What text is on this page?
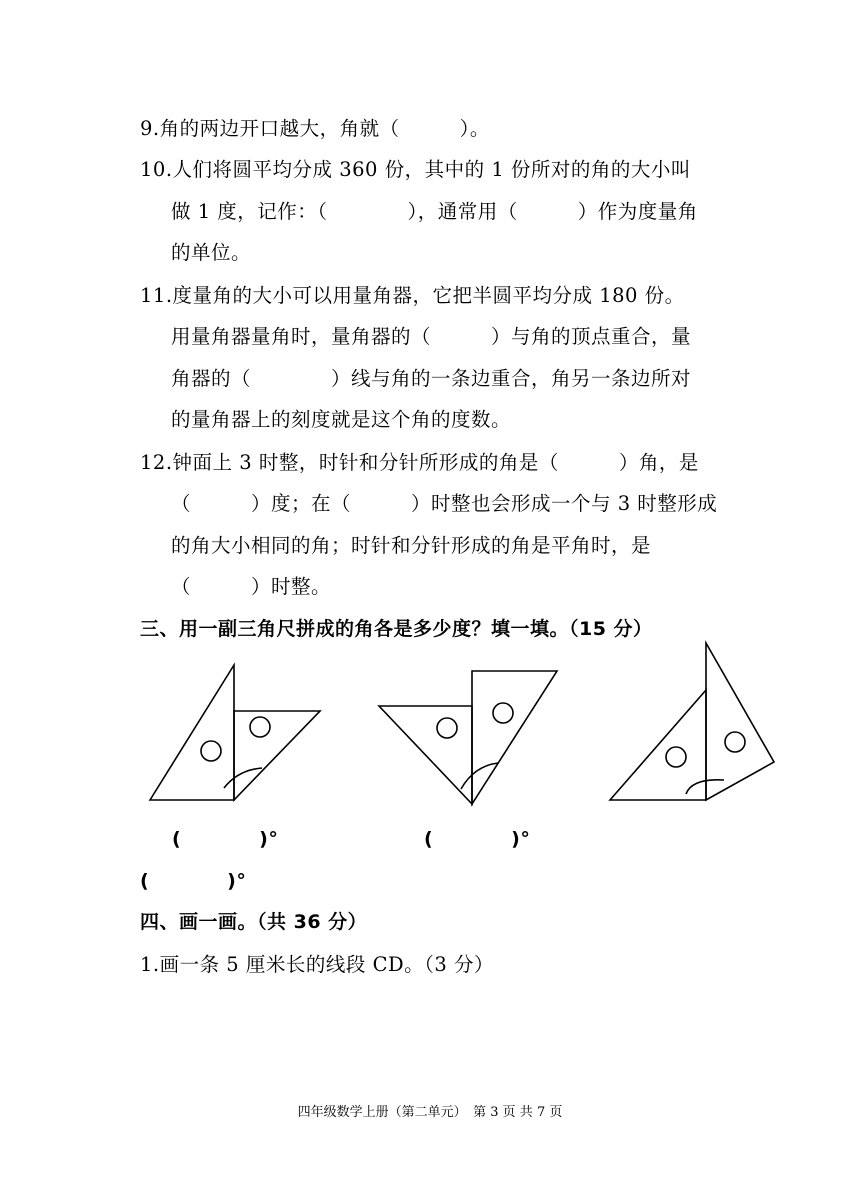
9.角的两边开口越大，角就（　　　）。
10.人们将圆平均分成 360 份，其中的 1 份所对的角的大小叫
做 1 度，记作：（　　　　），通常用（　　　）作为度量角
的单位。
11.度量角的大小可以用量角器，它把半圆平均分成 180 份。
用量角器量角时，量角器的（　　　）与角的顶点重合，量
角器的（　　　　）线与角的一条边重合，角另一条边所对
的量角器上的刻度就是这个角的度数。
12.钟面上 3 时整，时针和分针所形成的角是（　　　）角，是
（　　　）度；在（　　　）时整也会形成一个与 3 时整形成
的角大小相同的角；时针和分针形成的角是平角时，是
（　　　）时整。
三、用一副三角尺拼成的角各是多少度？填一填。（15 分）
(　　　　)°	(　　　　)°
(　　　　)°
四、画一画。（共 36 分）
1.画一条 5 厘米长的线段 CD。（3 分）
四年级数学上册（第二单元）　第 3 页 共 7 页
